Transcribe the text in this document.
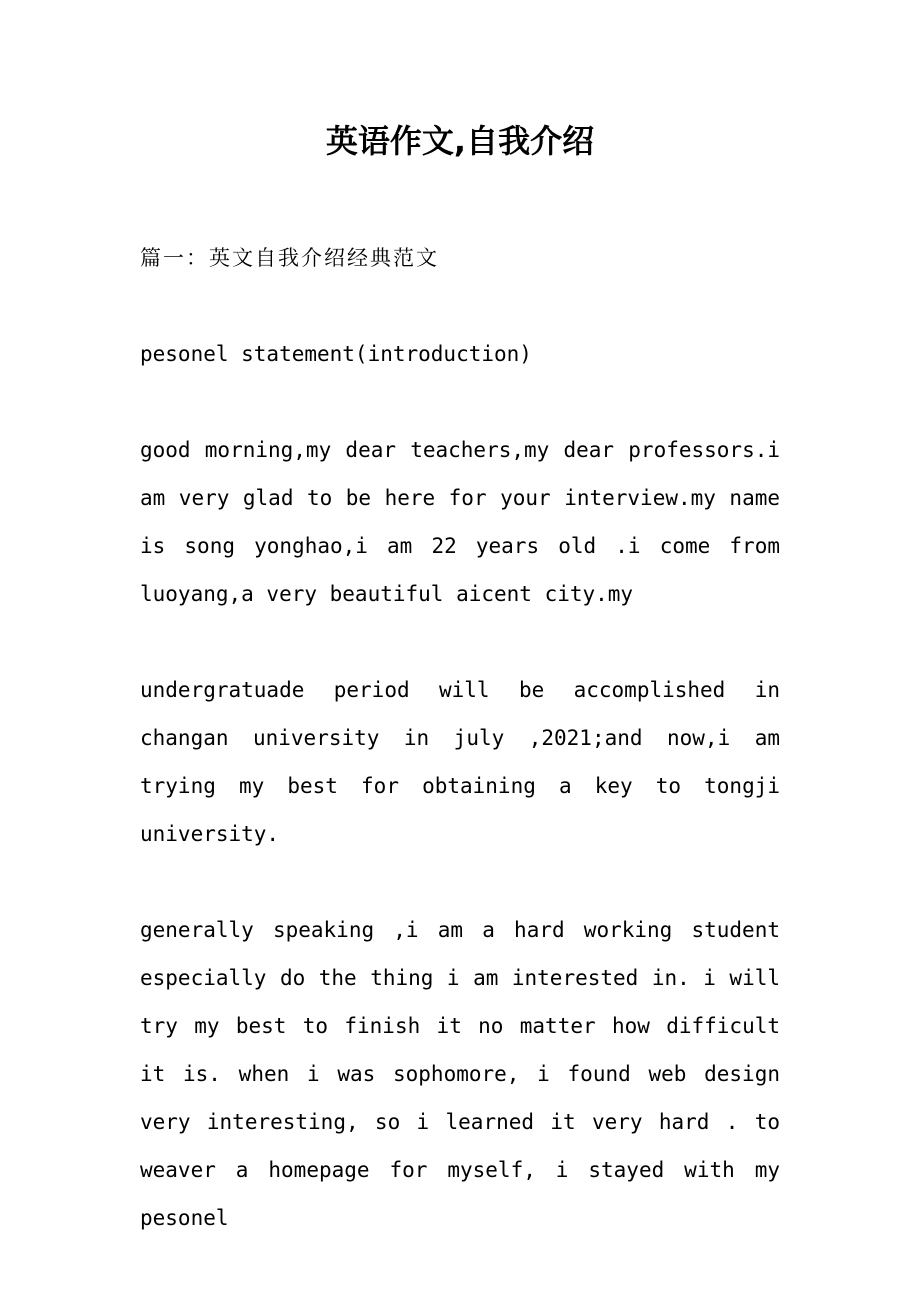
英语作文,自我介绍

篇一：英文自我介绍经典范文

pesonel statement(introduction)

good morning,my dear teachers,my dear professors.i am very glad to be here for your interview.my name is song yonghao,i am 22 years old .i come from luoyang,a very beautiful aicent city.my

undergratuade period will be accomplished in changan university in july ,2021;and now,i am trying my best for obtaining a key to tongji university.

generally speaking ,i am a hard working student especially do the thing i am interested in. i will try my best to finish it no matter how difficult it is. when i was sophomore, i found web design very interesting, so i learned it very hard . to weaver a homepage for myself, i stayed with my pesonel
